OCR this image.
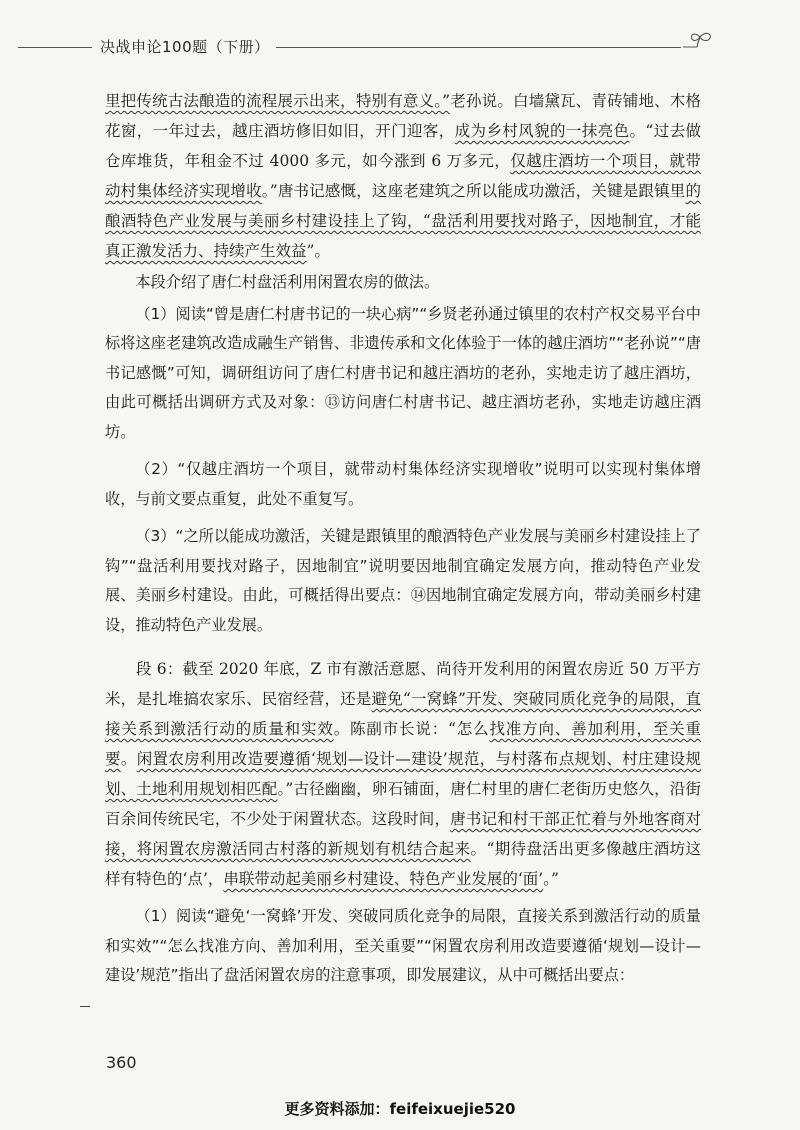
决战申论100题（下册）

里把传统古法酿造的流程展示出来，特别有意义。”老孙说。白墙黛瓦、青砖铺地、木格花窗，一年过去，越庄酒坊修旧如旧，开门迎客，成为乡村风貌的一抹亮色。“过去做仓库堆货，年租金不过 4000 多元，如今涨到 6 万多元，仅越庄酒坊一个项目，就带动村集体经济实现增收。”唐书记感慨，这座老建筑之所以能成功激活，关键是跟镇里的酿酒特色产业发展与美丽乡村建设挂上了钩，“盘活利用要找对路子，因地制宜，才能真正激发活力、持续产生效益”。

本段介绍了唐仁村盘活利用闲置农房的做法。

（1）阅读“曾是唐仁村唐书记的一块心病”“乡贤老孙通过镇里的农村产权交易平台中标将这座老建筑改造成融生产销售、非遗传承和文化体验于一体的越庄酒坊”“老孙说”“唐书记感慨”可知，调研组访问了唐仁村唐书记和越庄酒坊的老孙，实地走访了越庄酒坊，由此可概括出调研方式及对象：⑬访问唐仁村唐书记、越庄酒坊老孙，实地走访越庄酒坊。

（2）“仅越庄酒坊一个项目，就带动村集体经济实现增收”说明可以实现村集体增收，与前文要点重复，此处不重复写。

（3）“之所以能成功激活，关键是跟镇里的酿酒特色产业发展与美丽乡村建设挂上了钩”“盘活利用要找对路子，因地制宜”说明要因地制宜确定发展方向，推动特色产业发展、美丽乡村建设。由此，可概括得出要点：⑭因地制宜确定发展方向，带动美丽乡村建设，推动特色产业发展。

段 6：截至 2020 年底，Z 市有激活意愿、尚待开发利用的闲置农房近 50 万平方米，是扎堆搞农家乐、民宿经营，还是避免“一窝蜂”开发、突破同质化竞争的局限，直接关系到激活行动的质量和实效。陈副市长说：“怎么找准方向、善加利用，至关重要。闲置农房利用改造要遵循‘规划—设计—建设’规范，与村落布点规划、村庄建设规划、土地利用规划相匹配。”古径幽幽，卵石铺面，唐仁村里的唐仁老街历史悠久，沿街百余间传统民宅，不少处于闲置状态。这段时间，唐书记和村干部正忙着与外地客商对接，将闲置农房激活同古村落的新规划有机结合起来。“期待盘活出更多像越庄酒坊这样有特色的‘点’，串联带动起美丽乡村建设、特色产业发展的‘面’。”

（1）阅读“避免‘一窝蜂’开发、突破同质化竞争的局限，直接关系到激活行动的质量和实效”“怎么找准方向、善加利用，至关重要”“闲置农房利用改造要遵循‘规划—设计—建设’规范”指出了盘活闲置农房的注意事项，即发展建议，从中可概括出要点：

360
更多资料添加：feifeixuejie520
